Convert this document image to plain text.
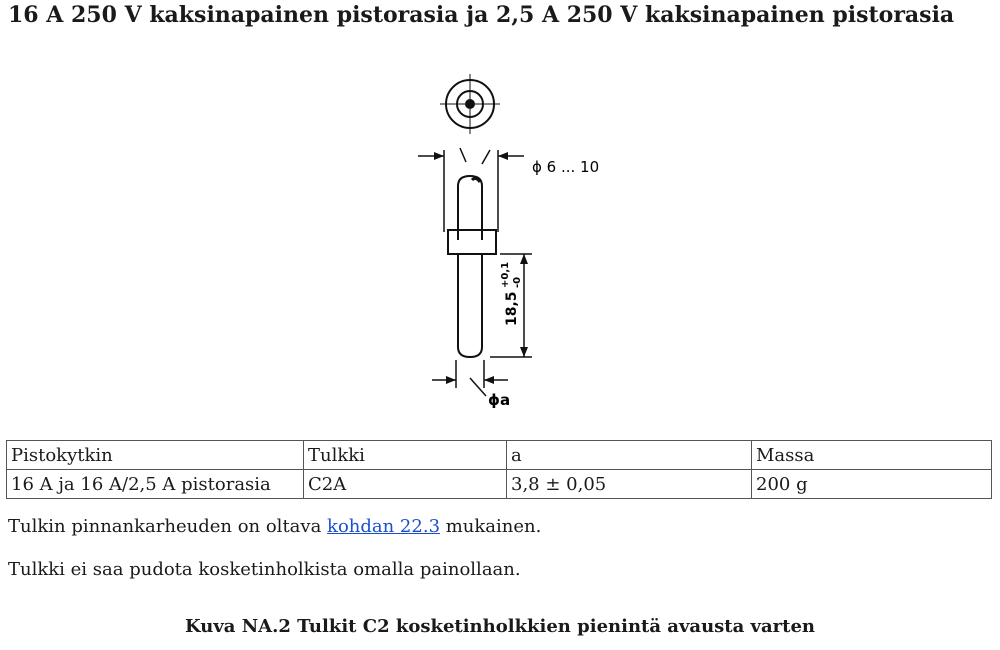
16 A 250 V kaksinapainen pistorasia ja 2,5 A 250 V kaksinapainen pistorasia
ɸ 6 ... 10
18,5
+0,1 -0
ɸa
Pistokytkin	Tulkki	a	Massa
16 A ja 16 A/2,5 A pistorasia	C2A	3,8 ± 0,05	200 g

Tulkin pinnankarheuden on oltava kohdan 22.3 mukainen.

Tulkki ei saa pudota kosketinholkista omalla painollaan.

Kuva NA.2 Tulkit C2 kosketinholkkien pienintä avausta varten
